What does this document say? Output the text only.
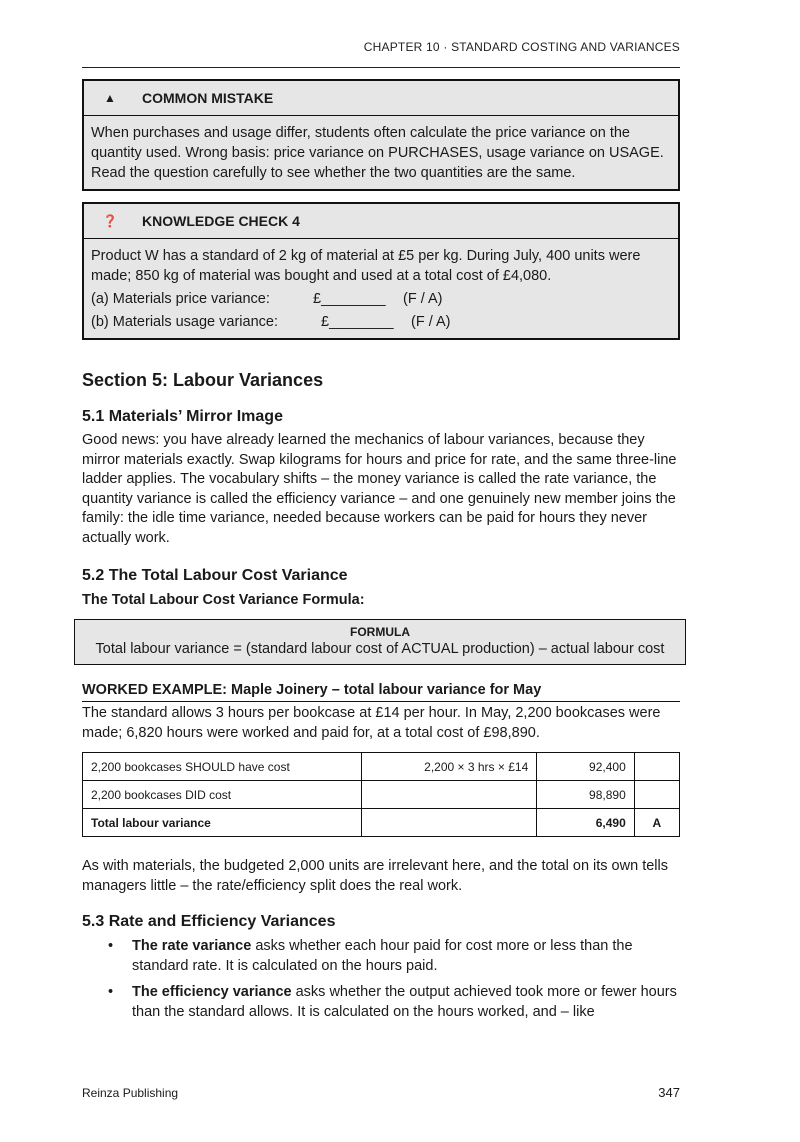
CHAPTER 10 · STANDARD COSTING AND VARIANCES
▲	COMMON MISTAKE
When purchases and usage differ, students often calculate the price variance on the quantity used. Wrong basis: price variance on PURCHASES, usage variance on USAGE. Read the question carefully to see whether the two quantities are the same.
❓	KNOWLEDGE CHECK 4
Product W has a standard of 2 kg of material at £5 per kg. During July, 400 units were made; 850 kg of material was bought and used at a total cost of £4,080.
(a) Materials price variance:	£________	(F / A)
(b) Materials usage variance:	£________	(F / A)
Section 5: Labour Variances
5.1 Materials’ Mirror Image
Good news: you have already learned the mechanics of labour variances, because they mirror materials exactly. Swap kilograms for hours and price for rate, and the same three-line ladder applies. The vocabulary shifts – the money variance is called the rate variance, the quantity variance is called the efficiency variance – and one genuinely new member joins the family: the idle time variance, needed because workers can be paid for hours they never actually work.
5.2 The Total Labour Cost Variance
The Total Labour Cost Variance Formula:
FORMULA
Total labour variance = (standard labour cost of ACTUAL production) – actual labour cost
WORKED EXAMPLE: Maple Joinery – total labour variance for May
The standard allows 3 hours per bookcase at £14 per hour. In May, 2,200 bookcases were made; 6,820 hours were worked and paid for, at a total cost of £98,890.
2,200 bookcases SHOULD have cost	2,200 × 3 hrs × £14	92,400	
2,200 bookcases DID cost		98,890	
Total labour variance		6,490	A
As with materials, the budgeted 2,000 units are irrelevant here, and the total on its own tells managers little – the rate/efficiency split does the real work.
5.3 Rate and Efficiency Variances
• The rate variance asks whether each hour paid for cost more or less than the standard rate. It is calculated on the hours paid.
• The efficiency variance asks whether the output achieved took more or fewer hours than the standard allows. It is calculated on the hours worked, and – like
Reinza Publishing	347
